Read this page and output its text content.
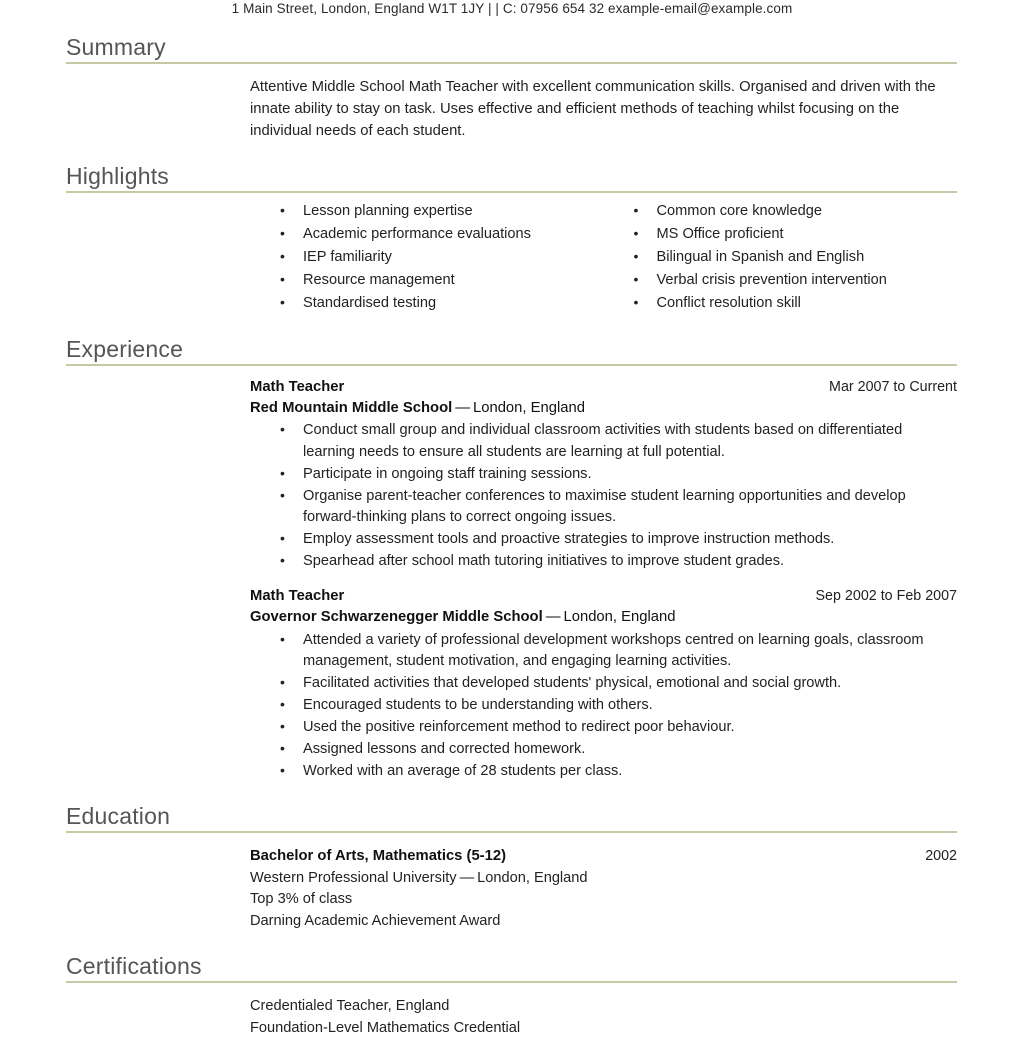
1 Main Street, London, England W1T 1JY | | C: 07956 654 32 example-email@example.com
Summary
Attentive Middle School Math Teacher with excellent communication skills. Organised and driven with the innate ability to stay on task. Uses effective and efficient methods of teaching whilst focusing on the individual needs of each student.
Highlights
• Lesson planning expertise
• Academic performance evaluations
• IEP familiarity
• Resource management
• Standardised testing
• Common core knowledge
• MS Office proficient
• Bilingual in Spanish and English
• Verbal crisis prevention intervention
• Conflict resolution skill
Experience
Math Teacher	Mar 2007 to Current
Red Mountain Middle School — London, England
• Conduct small group and individual classroom activities with students based on differentiated learning needs to ensure all students are learning at full potential.
• Participate in ongoing staff training sessions.
• Organise parent-teacher conferences to maximise student learning opportunities and develop forward-thinking plans to correct ongoing issues.
• Employ assessment tools and proactive strategies to improve instruction methods.
• Spearhead after school math tutoring initiatives to improve student grades.
Math Teacher	Sep 2002 to Feb 2007
Governor Schwarzenegger Middle School — London, England
• Attended a variety of professional development workshops centred on learning goals, classroom management, student motivation, and engaging learning activities.
• Facilitated activities that developed students' physical, emotional and social growth.
• Encouraged students to be understanding with others.
• Used the positive reinforcement method to redirect poor behaviour.
• Assigned lessons and corrected homework.
• Worked with an average of 28 students per class.
Education
Bachelor of Arts, Mathematics (5-12)	2002
Western Professional University — London, England
Top 3% of class
Darning Academic Achievement Award
Certifications
Credentialed Teacher, England
Foundation-Level Mathematics Credential
